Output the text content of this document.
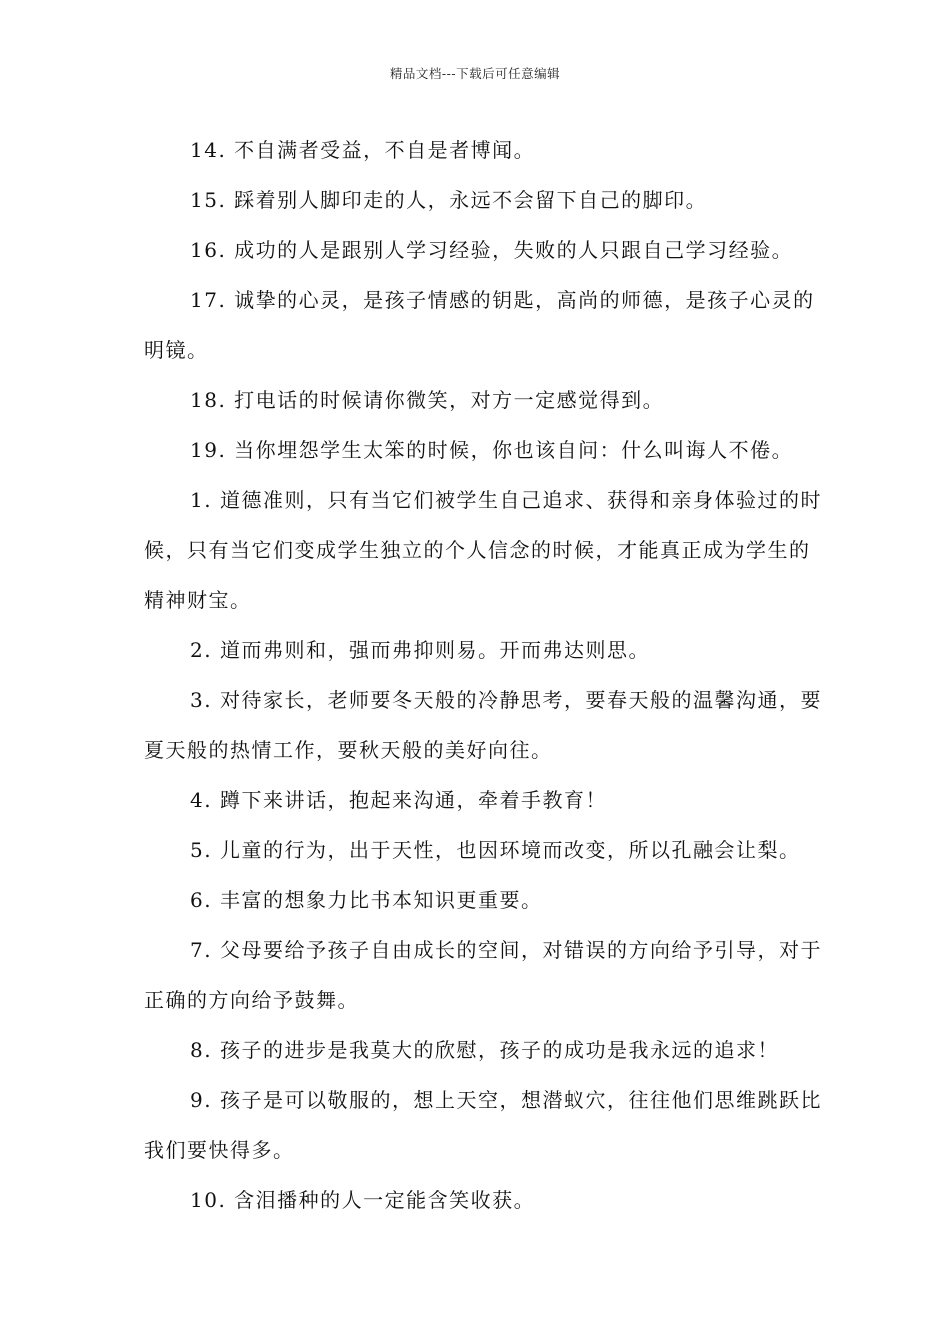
精品文档---下载后可任意编辑

14. 不自满者受益，不自是者博闻。

15. 踩着别人脚印走的人，永远不会留下自己的脚印。

16. 成功的人是跟别人学习经验，失败的人只跟自己学习经验。

17. 诚挚的心灵，是孩子情感的钥匙，高尚的师德，是孩子心灵的明镜。

18. 打电话的时候请你微笑，对方一定感觉得到。

19. 当你埋怨学生太笨的时候，你也该自问：什么叫诲人不倦。

1. 道德准则，只有当它们被学生自己追求、获得和亲身体验过的时候，只有当它们变成学生独立的个人信念的时候，才能真正成为学生的精神财宝。

2. 道而弗则和，强而弗抑则易。开而弗达则思。

3. 对待家长，老师要冬天般的冷静思考，要春天般的温馨沟通，要夏天般的热情工作，要秋天般的美好向往。

4. 蹲下来讲话，抱起来沟通，牵着手教育！

5. 儿童的行为，出于天性，也因环境而改变，所以孔融会让梨。

6. 丰富的想象力比书本知识更重要。

7. 父母要给予孩子自由成长的空间，对错误的方向给予引导，对于正确的方向给予鼓舞。

8. 孩子的进步是我莫大的欣慰，孩子的成功是我永远的追求！

9. 孩子是可以敬服的，想上天空，想潜蚁穴，往往他们思维跳跃比我们要快得多。

10. 含泪播种的人一定能含笑收获。
